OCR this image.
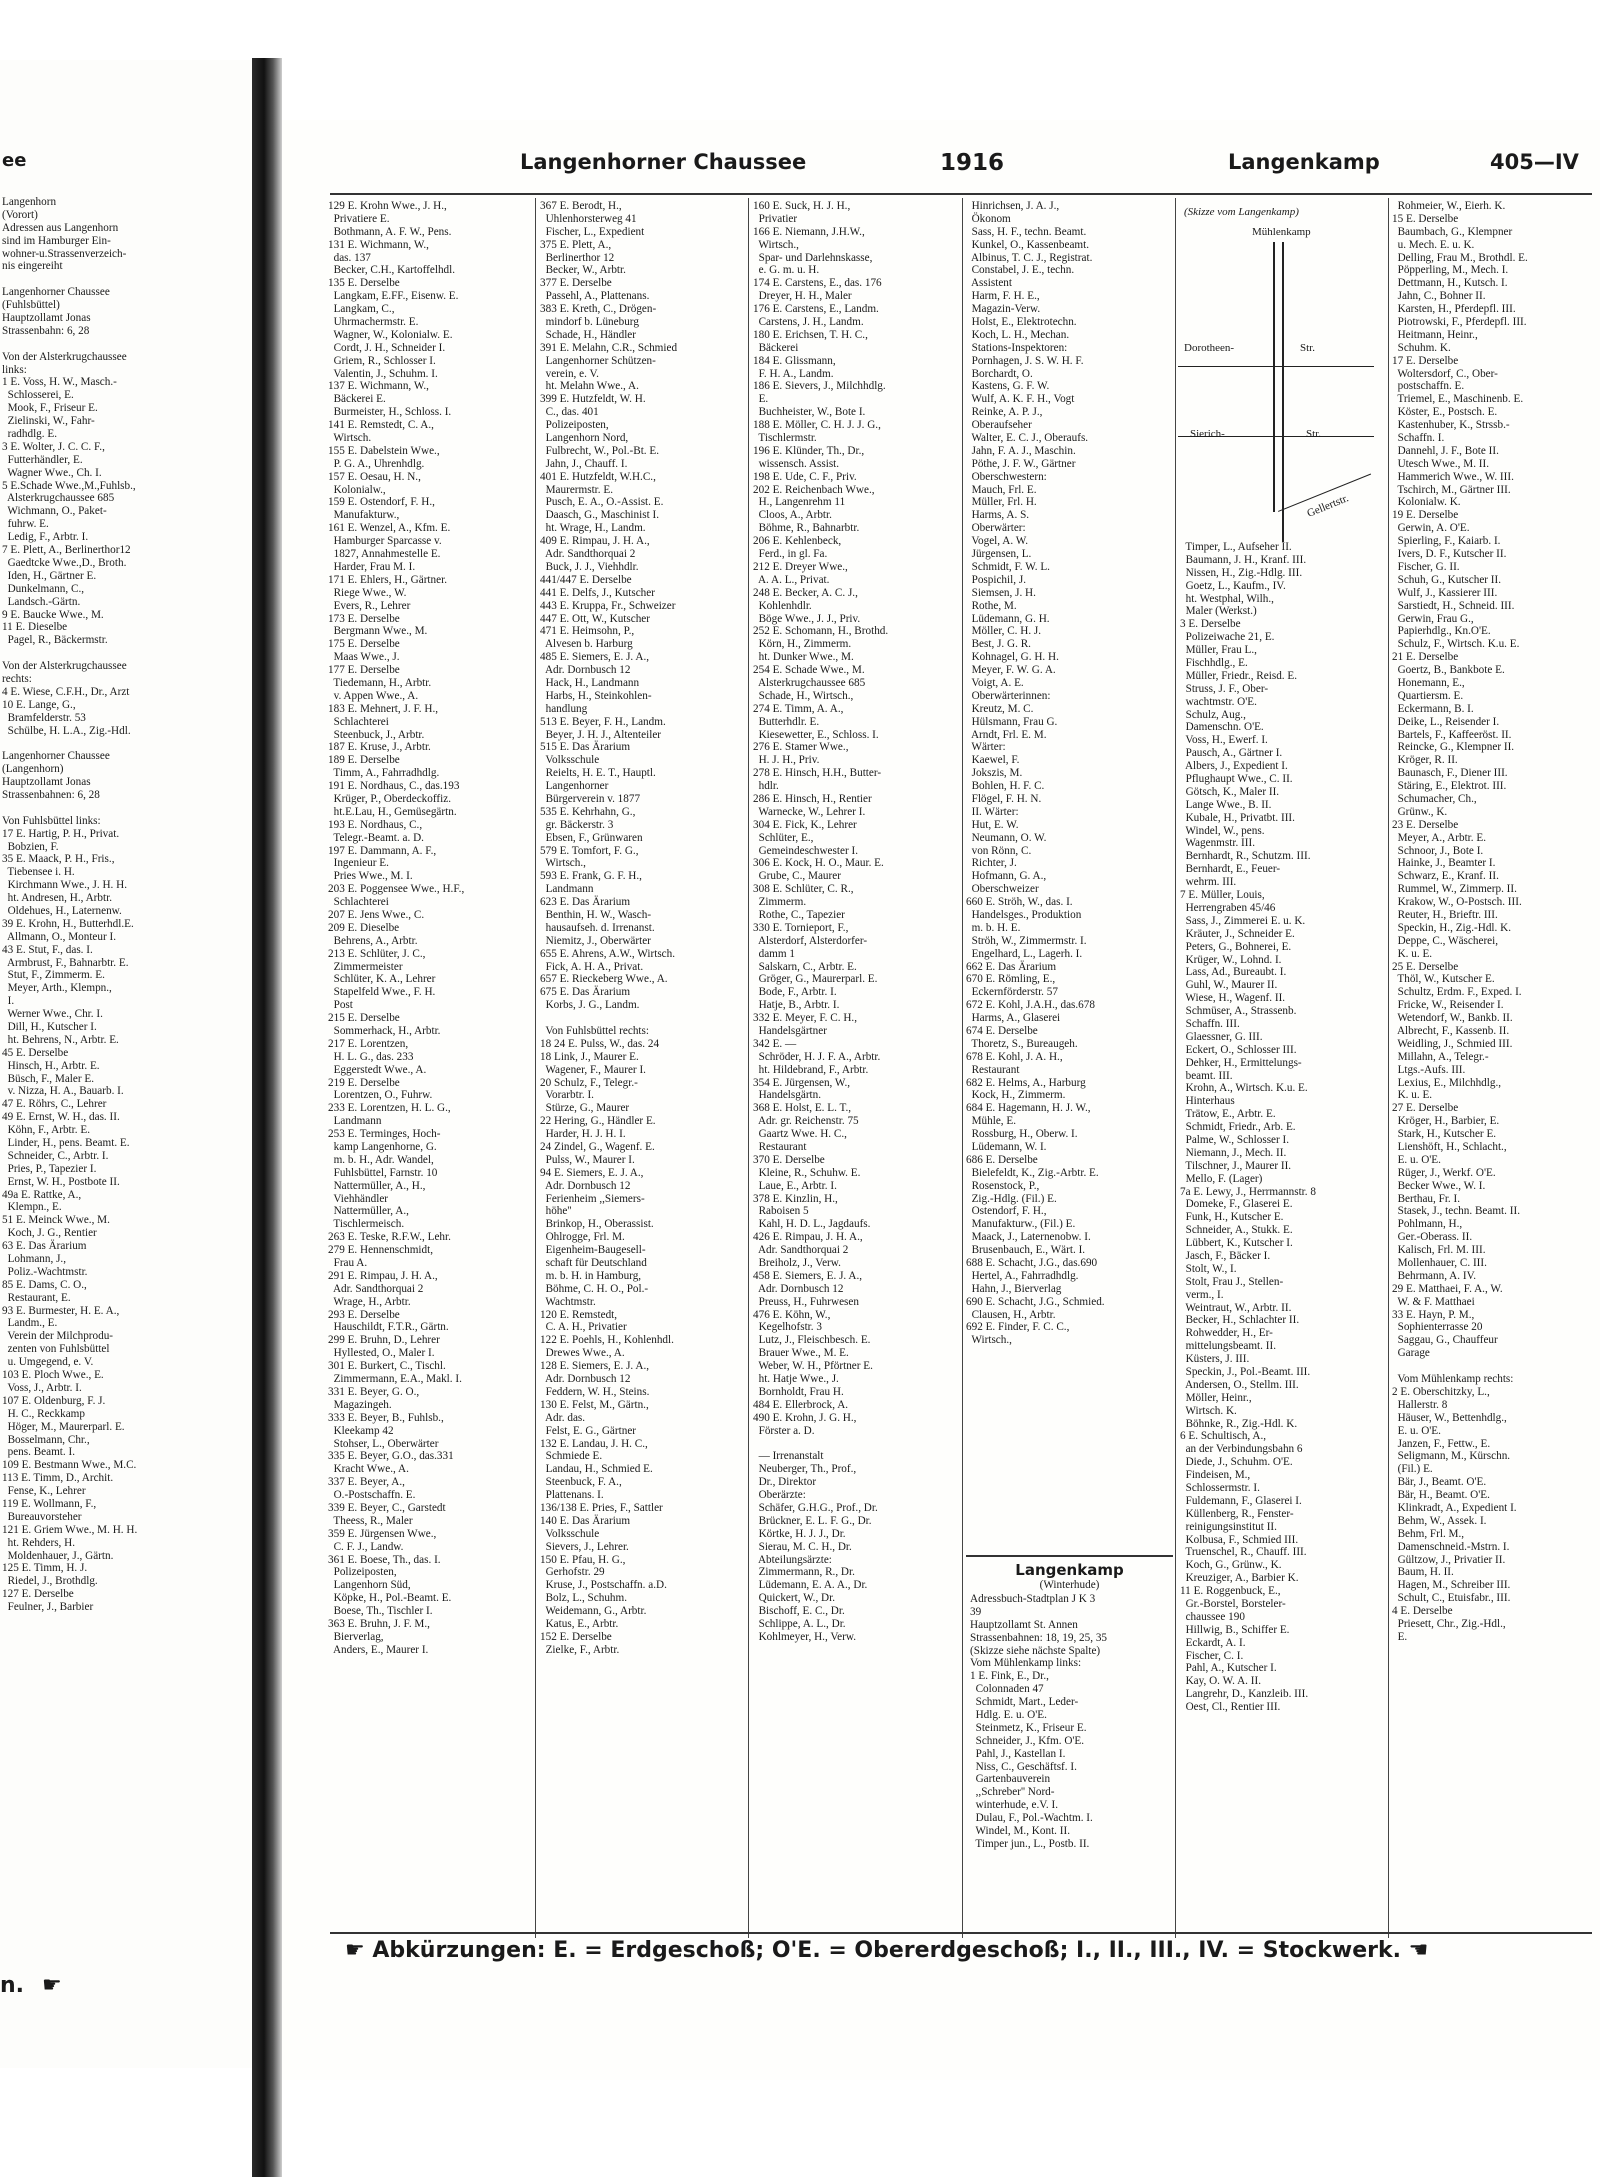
ee
Langenhorn
(Vorort)
Adressen aus Langenhorn
sind im Hamburger Ein-
wohner-u.Strassenverzeich-
nis eingereiht
Langenhorner Chaussee
(Fuhlsbüttel)
Hauptzollamt Jonas
Strassenbahn: 6, 28
Von der Alsterkrugchaussee
links:
1 E. Voss, H. W., Masch.-
Schlosserei, E.
Mook, F., Friseur E.
Zielinski, W., Fahr-
radhdlg. E.
3 E. Wolter, J. C. C. F.,
Futterhändler, E.
Wagner Wwe., Ch. I.
5 E.Schade Wwe.,M.,Fuhlsb.,
Alsterkrugchaussee 685
Wichmann, O., Paket-
fuhrw. E.
Ledig, F., Arbtr. I.
7 E. Plett, A., Berlinerthor12
Gaedtcke Wwe.,D., Broth.
Iden, H., Gärtner E.
Dunkelmann, C.,
Landsch.-Gärtn.
9 E. Baucke Wwe., M.
11 E. Dieselbe
Pagel, R., Bäckermstr.
Von der Alsterkrugchaussee
rechts:
4 E. Wiese, C.F.H., Dr., Arzt
10 E. Lange, G.,
Bramfelderstr. 53
Schülbe, H. L.A., Zig.-Hdl.
Langenhorner Chaussee
(Langenhorn)
Hauptzollamt Jonas
Strassenbahnen: 6, 28
Von Fuhlsbüttel links:
17 E. Hartig, P. H., Privat.
Bobzien, F.
35 E. Maack, P. H., Fris.,
Tiebensee i. H.
Kirchmann Wwe., J. H. H.
ht. Andresen, H., Arbtr.
Oldehues, H., Laternenw.
39 E. Krohn, H., Butterhdl.E.
Allmann, O., Monteur I.
43 E. Stut, F., das. I.
Armbrust, F., Bahnarbtr. E.
Stut, F., Zimmerm. E.
Meyer, Arth., Klempn.,
I.
Werner Wwe., Chr. I.
Dill, H., Kutscher I.
ht. Behrens, N., Arbtr. E.
45 E. Derselbe
Hinsch, H., Arbtr. E.
Büsch, F., Maler E.
v. Nizza, H. A., Bauarb. I.
47 E. Röhrs, C., Lehrer
49 E. Ernst, W. H., das. II.
Köhn, F., Arbtr. E.
Linder, H., pens. Beamt. E.
Schneider, C., Arbtr. I.
Pries, P., Tapezier I.
Ernst, W. H., Postbote II.
49a E. Rattke, A.,
Klempn., E.
51 E. Meinck Wwe., M.
Koch, J. G., Rentier
63 E. Das Ärarium
Lohmann, J.,
Poliz.-Wachtmstr.
85 E. Dams, C. O.,
Restaurant, E.
93 E. Burmester, H. E. A.,
Landm., E.
Verein der Milchprodu-
zenten von Fuhlsbüttel
u. Umgegend, e. V.
103 E. Ploch Wwe., E.
Voss, J., Arbtr. I.
107 E. Oldenburg, F. J.
H. C., Reckkamp
Höger, M., Maurerparl. E.
Bosselmann, Chr.,
pens. Beamt. I.
109 E. Bestmann Wwe., M.C.
113 E. Timm, D., Archit.
Fense, K., Lehrer
119 E. Wollmann, F.,
Bureauvorsteher
121 E. Griem Wwe., M. H. H.
ht. Rehders, H.
Moldenhauer, J., Gärtn.
125 E. Timm, H. J.
Riedel, J., Brothdlg.
127 E. Derselbe
Feulner, J., Barbier
n. ☛
Langenhorner Chaussee	1916	Langenkamp	405—IV
129 E. Krohn Wwe., J. H.,
Privatiere E.
Bothmann, A. F. W., Pens.
131 E. Wichmann, W.,
das. 137
Becker, C.H., Kartoffelhdl.
135 E. Derselbe
Langkam, E.FF., Eisenw. E.
Langkam, C.,
Uhrmachermstr. E.
Wagner, W., Kolonialw. E.
Cordt, J. H., Schneider I.
Griem, R., Schlosser I.
Valentin, J., Schuhm. I.
137 E. Wichmann, W.,
Bäckerei E.
Burmeister, H., Schloss. I.
141 E. Remstedt, C. A.,
Wirtsch.
155 E. Dabelstein Wwe.,
P. G. A., Uhrenhdlg.
157 E. Oesau, H. N.,
Kolonialw.,
159 E. Ostendorf, F. H.,
Manufakturw.,
161 E. Wenzel, A., Kfm. E.
Hamburger Sparcasse v.
1827, Annahmestelle E.
Harder, Frau M. I.
171 E. Ehlers, H., Gärtner.
Riege Wwe., W.
Evers, R., Lehrer
173 E. Derselbe
Bergmann Wwe., M.
175 E. Derselbe
Maas Wwe., J.
177 E. Derselbe
Tiedemann, H., Arbtr.
v. Appen Wwe., A.
183 E. Mehnert, J. F. H.,
Schlachterei
Steenbuck, J., Arbtr.
187 E. Kruse, J., Arbtr.
189 E. Derselbe
Timm, A., Fahrradhdlg.
191 E. Nordhaus, C., das.193
Krüger, P., Oberdeckoffiz.
ht.E.Lau, H., Gemüsegärtn.
193 E. Nordhaus, C.,
Telegr.-Beamt. a. D.
197 E. Dammann, A. F.,
Ingenieur E.
Pries Wwe., M. I.
203 E. Poggensee Wwe., H.F.,
Schlachterei
207 E. Jens Wwe., C.
209 E. Dieselbe
Behrens, A., Arbtr.
213 E. Schlüter, J. C.,
Zimmermeister
Schlüter, K. A., Lehrer
Stapelfeld Wwe., F. H.
Post
215 E. Derselbe
Sommerhack, H., Arbtr.
217 E. Lorentzen,
H. L. G., das. 233
Eggerstedt Wwe., A.
219 E. Derselbe
Lorentzen, O., Fuhrw.
233 E. Lorentzen, H. L. G.,
Landmann
253 E. Terminges, Hoch-
kamp Langenhorne, G.
m. b. H., Adr. Wandel,
Fuhlsbüttel, Farnstr. 10
Nattermüller, A., H.,
Viehhändler
Nattermüller, A.,
Tischlermeisch.
263 E. Teske, R.F.W., Lehr.
279 E. Hennenschmidt,
Frau A.
291 E. Rimpau, J. H. A.,
Adr. Sandthorquai 2
Wrage, H., Arbtr.
293 E. Derselbe
Hauschildt, F.T.R., Gärtn.
299 E. Bruhn, D., Lehrer
Hyllested, O., Maler I.
301 E. Burkert, C., Tischl.
Zimmermann, E.A., Makl. I.
331 E. Beyer, G. O.,
Magazingeh.
333 E. Beyer, B., Fuhlsb.,
Kleekamp 42
Stohser, L., Oberwärter
335 E. Beyer, G.O., das.331
Kracht Wwe., A.
337 E. Beyer, A.,
O.-Postschaffn. E.
339 E. Beyer, C., Garstedt
Theess, R., Maler
359 E. Jürgensen Wwe.,
C. F. J., Landw.
361 E. Boese, Th., das. I.
Polizeiposten,
Langenhorn Süd,
Köpke, H., Pol.-Beamt. E.
Boese, Th., Tischler I.
363 E. Bruhn, J. F. M.,
Bierverlag,
Anders, E., Maurer I.
367 E. Berodt, H.,
Uhlenhorsterweg 41
Fischer, L., Expedient
375 E. Plett, A.,
Berlinerthor 12
Becker, W., Arbtr.
377 E. Derselbe
Passehl, A., Plattenans.
383 E. Kreth, C., Drögen-
mindorf b. Lüneburg
Schade, H., Händler
391 E. Melahn, C.R., Schmied
Langenhorner Schützen-
verein, e. V.
ht. Melahn Wwe., A.
399 E. Hutzfeldt, W. H.
C., das. 401
Polizeiposten,
Langenhorn Nord,
Fulbrecht, W., Pol.-Bt. E.
Jahn, J., Chauff. I.
401 E. Hutzfeldt, W.H.C.,
Maurermstr. E.
Pusch, E. A., O.-Assist. E.
Daasch, G., Maschinist I.
ht. Wrage, H., Landm.
409 E. Rimpau, J. H. A.,
Adr. Sandthorquai 2
Buck, J. J., Viehhdlr.
441/447 E. Derselbe
441 E. Delfs, J., Kutscher
443 E. Kruppa, Fr., Schweizer
447 E. Ott, W., Kutscher
471 E. Heimsohn, P.,
Alvesen b. Harburg
485 E. Siemers, E. J. A.,
Adr. Dornbusch 12
Hack, H., Landmann
Harbs, H., Steinkohlen-
handlung
513 E. Beyer, F. H., Landm.
Beyer, J. H. J., Altenteiler
515 E. Das Ärarium
Volksschule
Reielts, H. E. T., Hauptl.
Langenhorner
Bürgerverein v. 1877
535 E. Kehrhahn, G.,
gr. Bäckerstr. 3
Ebsen, F., Grünwaren
579 E. Tomfort, F. G.,
Wirtsch.,
593 E. Frank, G. F. H.,
Landmann
623 E. Das Ärarium
Benthin, H. W., Wasch-
hausaufseh. d. Irrenanst.
Niemitz, J., Oberwärter
655 E. Ahrens, A.W., Wirtsch.
Fick, A. H. A., Privat.
657 E. Rieckeberg Wwe., A.
675 E. Das Ärarium
Korbs, J. G., Landm.
Von Fuhlsbüttel rechts:
18 24 E. Pulss, W., das. 24
18 Link, J., Maurer E.
Wagener, F., Maurer I.
20 Schulz, F., Telegr.-
Vorarbtr. I.
Stürze, G., Maurer
22 Hering, G., Händler E.
Harder, H. J. H. I.
24 Zindel, G., Wagenf. E.
Pulss, W., Maurer I.
94 E. Siemers, E. J. A.,
Adr. Dornbusch 12
Ferienheim ,,Siemers-
höhe''
Brinkop, H., Oberassist.
Ohlrogge, Frl. M.
Eigenheim-Baugesell-
schaft für Deutschland
m. b. H. in Hamburg,
Böhme, C. H. O., Pol.-
Wachtmstr.
120 E. Remstedt,
C. A. H., Privatier
122 E. Poehls, H., Kohlenhdl.
Drewes Wwe., A.
128 E. Siemers, E. J. A.,
Adr. Dornbusch 12
Feddern, W. H., Steins.
130 E. Felst, M., Gärtn.,
Adr. das.
Felst, E. G., Gärtner
132 E. Landau, J. H. C.,
Schmiede E.
Landau, H., Schmied E.
Steenbuck, F. A.,
Plattenans. I.
136/138 E. Pries, F., Sattler
140 E. Das Ärarium
Volksschule
Sievers, J., Lehrer.
150 E. Pfau, H. G.,
Gerhofstr. 29
Kruse, J., Postschaffn. a.D.
Bolz, L., Schuhm.
Weidemann, G., Arbtr.
Katus, E., Arbtr.
152 E. Derselbe
Zielke, F., Arbtr.
160 E. Suck, H. J. H.,
Privatier
166 E. Niemann, J.H.W.,
Wirtsch.,
Spar- und Darlehnskasse,
e. G. m. u. H.
174 E. Carstens, E., das. 176
Dreyer, H. H., Maler
176 E. Carstens, E., Landm.
Carstens, J. H., Landm.
180 E. Erichsen, T. H. C.,
Bäckerei
184 E. Glissmann,
F. H. A., Landm.
186 E. Sievers, J., Milchhdlg.
E.
Buchheister, W., Bote I.
188 E. Möller, C. H. J. J. G.,
Tischlermstr.
196 E. Klünder, Th., Dr.,
wissensch. Assist.
198 E. Ude, C. F., Priv.
202 E. Reichenbach Wwe.,
H., Langenrehm 11
Cloos, A., Arbtr.
Böhme, R., Bahnarbtr.
206 E. Kehlenbeck,
Ferd., in gl. Fa.
212 E. Dreyer Wwe.,
A. A. L., Privat.
248 E. Becker, A. C. J.,
Kohlenhdlr.
Böge Wwe., J. J., Priv.
252 E. Schomann, H., Brothd.
Körn, H., Zimmerm.
ht. Dunker Wwe., M.
254 E. Schade Wwe., M.
Alsterkrugchaussee 685
Schade, H., Wirtsch.,
274 E. Timm, A. A.,
Butterhdlr. E.
Kiesewetter, E., Schloss. I.
276 E. Stamer Wwe.,
H. J. H., Priv.
278 E. Hinsch, H.H., Butter-
hdlr.
286 E. Hinsch, H., Rentier
Warnecke, W., Lehrer I.
304 E. Fick, K., Lehrer
Schlüter, E.,
Gemeindeschwester I.
306 E. Kock, H. O., Maur. E.
Grube, C., Maurer
308 E. Schlüter, C. R.,
Zimmerm.
Rothe, C., Tapezier
330 E. Tornieport, F.,
Alsterdorf, Alsterdorfer-
damm 1
Salskarn, C., Arbtr. E.
Gröger, G., Maurerparl. E.
Bode, F., Arbtr. I.
Hatje, B., Arbtr. I.
332 E. Meyer, F. C. H.,
Handelsgärtner
342 E. —
Schröder, H. J. F. A., Arbtr.
ht. Hildebrand, F., Arbtr.
354 E. Jürgensen, W.,
Handelsgärtn.
368 E. Holst, E. L. T.,
Adr. gr. Reichenstr. 75
Gaartz Wwe. H. C.,
Restaurant
370 E. Derselbe
Kleine, R., Schuhw. E.
Laue, E., Arbtr. I.
378 E. Kinzlin, H.,
Raboisen 5
Kahl, H. D. L., Jagdaufs.
426 E. Rimpau, J. H. A.,
Adr. Sandthorquai 2
Breiholz, J., Verw.
458 E. Siemers, E. J. A.,
Adr. Dornbusch 12
Preuss, H., Fuhrwesen
476 E. Köhn, W.,
Kegelhofstr. 3
Lutz, J., Fleischbesch. E.
Brauer Wwe., M. E.
Weber, W. H., Pförtner E.
ht. Hatje Wwe., J.
Bornholdt, Frau H.
484 E. Ellerbrock, A.
490 E. Krohn, J. G. H.,
Förster a. D.
— Irrenanstalt
Neuberger, Th., Prof.,
Dr., Direktor
Oberärzte:
Schäfer, G.H.G., Prof., Dr.
Brückner, E. L. F. G., Dr.
Körtke, H. J. J., Dr.
Sierau, M. C. H., Dr.
Abteilungsärzte:
Zimmermann, R., Dr.
Lüdemann, E. A. A., Dr.
Quickert, W., Dr.
Bischoff, E. C., Dr.
Schlippe, A. L., Dr.
Kohlmeyer, H., Verw.
Hinrichsen, J. A. J.,
Ökonom
Sass, H. F., techn. Beamt.
Kunkel, O., Kassenbeamt.
Albinus, T. C. J., Registrat.
Constabel, J. E., techn.
Assistent
Harm, F. H. E.,
Magazin-Verw.
Holst, E., Elektrotechn.
Koch, L. H., Mechan.
Stations-Inspektoren:
Pornhagen, J. S. W. H. F.
Borchardt, O.
Kastens, G. F. W.
Wulf, A. K. F. H., Vogt
Reinke, A. P. J.,
Oberaufseher
Walter, E. C. J., Oberaufs.
Jahn, F. A. J., Maschin.
Pöthe, J. F. W., Gärtner
Oberschwestern:
Mauch, Frl. E.
Müller, Frl. H.
Harms, A. S.
Oberwärter:
Vogel, A. W.
Jürgensen, L.
Schmidt, F. W. L.
Pospichil, J.
Siemsen, J. H.
Rothe, M.
Lüdemann, G. H.
Möller, C. H. J.
Best, J. G. R.
Kohnagel, G. H. H.
Meyer, F. W. G. A.
Voigt, A. E.
Oberwärterinnen:
Kreutz, M. C.
Hülsmann, Frau G.
Arndt, Frl. E. M.
Wärter:
Kaewel, F.
Jokszis, M.
Bohlen, H. F. C.
Flögel, F. H. N.
II. Wärter:
Hut, E. W.
Neumann, O. W.
von Rönn, C.
Richter, J.
Hofmann, G. A.,
Oberschweizer
660 E. Ströh, W., das. I.
Handelsges., Produktion
m. b. H. E.
Ströh, W., Zimmermstr. I.
Engelhard, L., Lagerh. I.
662 E. Das Ärarium
670 E. Römling, E.,
Eckernförderstr. 57
672 E. Kohl, J.A.H., das.678
Harms, A., Glaserei
674 E. Derselbe
Thoretz, S., Bureaugeh.
678 E. Kohl, J. A. H.,
Restaurant
682 E. Helms, A., Harburg
Kock, H., Zimmerm.
684 E. Hagemann, H. J. W.,
Mühle, E.
Rossburg, H., Oberw. I.
Lüdemann, W. I.
686 E. Derselbe
Bielefeldt, K., Zig.-Arbtr. E.
Rosenstock, P.,
Zig.-Hdlg. (Fil.) E.
Ostendorf, F. H.,
Manufakturw., (Fil.) E.
Maack, J., Laternenobw. I.
Brusenbauch, E., Wärt. I.
688 E. Schacht, J.G., das.690
Hertel, A., Fahrradhdlg.
Hahn, J., Bierverlag
690 E. Schacht, J.G., Schmied.
Clausen, H., Arbtr.
692 E. Finder, F. C. C.,
Wirtsch.,
Langenkamp
(Winterhude)
Adressbuch-Stadtplan J K 3
39
Hauptzollamt St. Annen
Strassenbahnen: 18, 19, 25, 35
(Skizze siehe nächste Spalte)
Vom Mühlenkamp links:
1 E. Fink, E., Dr.,
Colonnaden 47
Schmidt, Mart., Leder-
Hdlg. E. u. O'E.
Steinmetz, K., Friseur E.
Schneider, J., Kfm. O'E.
Pahl, J., Kastellan I.
Niss, C., Geschäftsf. I.
Gartenbauverein
,,Schreber'' Nord-
winterhude, e.V. I.
Dulau, F., Pol.-Wachtm. I.
Windel, M., Kont. II.
Timper jun., L., Postb. II.
(Skizze vom Langenkamp)
Mühlenkamp
Dorotheen-	Str.
Sierich-	Str.
Gellertstr.
Timper, L., Aufseher II.
Baumann, J. H., Kranf. III.
Nissen, H., Zig.-Hdlg. III.
Goetz, L., Kaufm., IV.
ht. Westphal, Wilh.,
Maler (Werkst.)
3 E. Derselbe
Polizeiwache 21, E.
Müller, Frau L.,
Fischhdlg., E.
Müller, Friedr., Reisd. E.
Struss, J. F., Ober-
wachtmstr. O'E.
Schulz, Aug.,
Damenschn. O'E.
Voss, H., Ewerf. I.
Pausch, A., Gärtner I.
Albers, J., Expedient I.
Pflughaupt Wwe., C. II.
Götsch, K., Maler II.
Lange Wwe., B. II.
Kubale, H., Privatbt. III.
Windel, W., pens.
Wagenmstr. III.
Bernhardt, R., Schutzm. III.
Bernhardt, E., Feuer-
wehrm. III.
7 E. Müller, Louis,
Herrengraben 45/46
Sass, J., Zimmerei E. u. K.
Kräuter, J., Schneider E.
Peters, G., Bohnerei, E.
Krüger, W., Lohnd. I.
Lass, Ad., Bureaubt. I.
Guhl, W., Maurer II.
Wiese, H., Wagenf. II.
Schmüser, A., Strassenb.
Schaffn. III.
Glaessner, G. III.
Eckert, O., Schlosser III.
Dehker, H., Ermittelungs-
beamt. III.
Krohn, A., Wirtsch. K.u. E.
Hinterhaus
Trätow, E., Arbtr. E.
Schmidt, Friedr., Arb. E.
Palme, W., Schlosser I.
Niemann, J., Mech. II.
Tilschner, J., Maurer II.
Mello, F. (Lager)
7a E. Lewy, J., Herrmannstr. 8
Domeke, F., Glaserei E.
Funk, H., Kutscher E.
Schneider, A., Stukk. E.
Lübbert, K., Kutscher I.
Jasch, F., Bäcker I.
Stolt, W., I.
Stolt, Frau J., Stellen-
verm., I.
Weintraut, W., Arbtr. II.
Becker, H., Schlachter II.
Rohwedder, H., Er-
mittelungsbeamt. II.
Küsters, J. III.
Speckin, J., Pol.-Beamt. III.
Andersen, O., Stellm. III.
Möller, Heinr.,
Wirtsch. K.
Böhnke, R., Zig.-Hdl. K.
6 E. Schultisch, A.,
an der Verbindungsbahn 6
Diede, J., Schuhm. O'E.
Findeisen, M.,
Schlossermstr. I.
Fuldemann, F., Glaserei I.
Küllenberg, R., Fenster-
reinigungsinstitut II.
Kolbusa, F., Schmied III.
Truenschel, R., Chauff. III.
Koch, G., Grünw., K.
Kreuziger, A., Barbier K.
11 E. Roggenbuck, E.,
Gr.-Borstel, Borsteler-
chaussee 190
Hillwig, B., Schiffer E.
Eckardt, A. I.
Fischer, C. I.
Pahl, A., Kutscher I.
Kay, O. W. A. II.
Langrehr, D., Kanzleib. III.
Oest, Cl., Rentier III.
Rohmeier, W., Eierh. K.
15 E. Derselbe
Baumbach, G., Klempner
u. Mech. E. u. K.
Delling, Frau M., Brothdl. E.
Pöpperling, M., Mech. I.
Dettmann, H., Kutsch. I.
Jahn, C., Bohner II.
Karsten, H., Pferdepfl. III.
Piotrowski, F., Pferdepfl. III.
Heitmann, Heinr.,
Schuhm. K.
17 E. Derselbe
Woltersdorf, C., Ober-
postschaffn. E.
Triemel, E., Maschinenb. E.
Köster, E., Postsch. E.
Kastenhuber, K., Strssb.-
Schaffn. I.
Dannehl, J. F., Bote II.
Utesch Wwe., M. II.
Hammerich Wwe., W. III.
Tschirch, M., Gärtner III.
Kolonialw. K.
19 E. Derselbe
Gerwin, A. O'E.
Spierling, F., Kaiarb. I.
Ivers, D. F., Kutscher II.
Fischer, G. II.
Schuh, G., Kutscher II.
Wulf, J., Kassierer III.
Sarstiedt, H., Schneid. III.
Gerwin, Frau G.,
Papierhdlg., Kn.O'E.
Schulz, F., Wirtsch. K.u. E.
21 E. Derselbe
Goertz, B., Bankbote E.
Honemann, E.,
Quartiersm. E.
Eckermann, B. I.
Deike, L., Reisender I.
Bartels, F., Kaffeeröst. II.
Reincke, G., Klempner II.
Kröger, R. II.
Baunasch, F., Diener III.
Stäring, E., Elektrot. III.
Schumacher, Ch.,
Grünw., K.
23 E. Derselbe
Meyer, A., Arbtr. E.
Schnoor, J., Bote I.
Hainke, J., Beamter I.
Schwarz, E., Kranf. II.
Rummel, W., Zimmerp. II.
Krakow, W., O-Postsch. III.
Reuter, H., Brieftr. III.
Speckin, H., Zig.-Hdl. K.
Deppe, C., Wäscherei,
K. u. E.
25 E. Derselbe
Thöl, W., Kutscher E.
Schultz, Erdm. F., Exped. I.
Fricke, W., Reisender I.
Wetendorf, W., Bankb. II.
Albrecht, F., Kassenb. II.
Weidling, J., Schmied III.
Millahn, A., Telegr.-
Ltgs.-Aufs. III.
Lexius, E., Milchhdlg.,
K. u. E.
27 E. Derselbe
Kröger, H., Barbier, E.
Stark, H., Kutscher E.
Lienshöft, H., Schlacht.,
E. u. O'E.
Rüger, J., Werkf. O'E.
Becker Wwe., W. I.
Berthau, Fr. I.
Stasek, J., techn. Beamt. II.
Pohlmann, H.,
Ger.-Oberass. II.
Kalisch, Frl. M. III.
Mollenhauer, C. III.
Behrmann, A. IV.
29 E. Matthaei, F. A., W.
W. & F. Matthaei
33 E. Hayn, P. M.,
Sophienterrasse 20
Saggau, G., Chauffeur
Garage
Vom Mühlenkamp rechts:
2 E. Oberschitzky, L.,
Hallerstr. 8
Häuser, W., Bettenhdlg.,
E. u. O'E.
Janzen, F., Fettw., E.
Seligmann, M., Kürschn.
(Fil.) E.
Bär, J., Beamt. O'E.
Bär, H., Beamt. O'E.
Klinkradt, A., Expedient I.
Behm, W., Assek. I.
Behm, Frl. M.,
Damenschneid.-Mstrn. I.
Gültzow, J., Privatier II.
Baum, H. II.
Hagen, M., Schreiber III.
Schult, C., Etuisfabr., III.
4 E. Derselbe
Priesett, Chr., Zig.-Hdl.,
E.
☛ Abkürzungen: E. = Erdgeschoß; O'E. = Obererdgeschoß; I., II., III., IV. = Stockwerk. ☚
